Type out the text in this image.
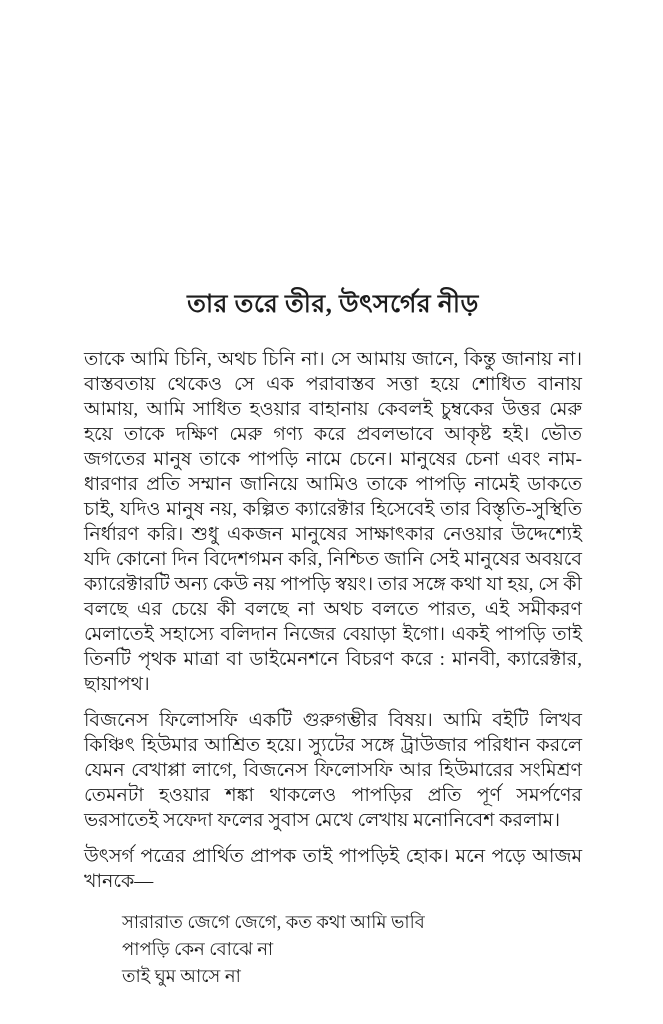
তার তরে তীর, উৎসর্গের নীড়

তাকে আমি চিনি, অথচ চিনি না। সে আমায় জানে, কিন্তু জানায় না। বাস্তবতায় থেকেও সে এক পরাবাস্তব সত্তা হয়ে শোধিত বানায় আমায়, আমি সাধিত হওয়ার বাহানায় কেবলই চুম্বকের উত্তর মেরু হয়ে তাকে দক্ষিণ মেরু গণ্য করে প্রবলভাবে আকৃষ্ট হই। ভৌত জগতের মানুষ তাকে পাপড়ি নামে চেনে। মানুষের চেনা এবং নাম-ধারণার প্রতি সম্মান জানিয়ে আমিও তাকে পাপড়ি নামেই ডাকতে চাই, যদিও মানুষ নয়, কল্পিত ক্যারেক্টার হিসেবেই তার বিস্তৃতি-সুস্থিতি নির্ধারণ করি। শুধু একজন মানুষের সাক্ষাৎকার নেওয়ার উদ্দেশ্যেই যদি কোনো দিন বিদেশগমন করি, নিশ্চিত জানি সেই মানুষের অবয়বে ক্যারেক্টারটি অন্য কেউ নয় পাপড়ি স্বয়ং। তার সঙ্গে কথা যা হয়, সে কী বলছে এর চেয়ে কী বলছে না অথচ বলতে পারত, এই সমীকরণ মেলাতেই সহাস্যে বলিদান নিজের বেয়াড়া ইগো। একই পাপড়ি তাই তিনটি পৃথক মাত্রা বা ডাইমেনশনে বিচরণ করে : মানবী, ক্যারেক্টার, ছায়াপথ।

বিজনেস ফিলোসফি একটি গুরুগম্ভীর বিষয়। আমি বইটি লিখব কিঞ্চিৎ হিউমার আশ্রিত হয়ে। স্যুটের সঙ্গে ট্রাউজার পরিধান করলে যেমন বেখাপ্পা লাগে, বিজনেস ফিলোসফি আর হিউমারের সংমিশ্রণ তেমনটা হওয়ার শঙ্কা থাকলেও পাপড়ির প্রতি পূর্ণ সমর্পণের ভরসাতেই সফেদা ফলের সুবাস মেখে লেখায় মনোনিবেশ করলাম।

উৎসর্গ পত্রের প্রার্থিত প্রাপক তাই পাপড়িই হোক। মনে পড়ে আজম খানকে—

সারারাত জেগে জেগে, কত কথা আমি ভাবি
পাপড়ি কেন বোঝে না
তাই ঘুম আসে না
